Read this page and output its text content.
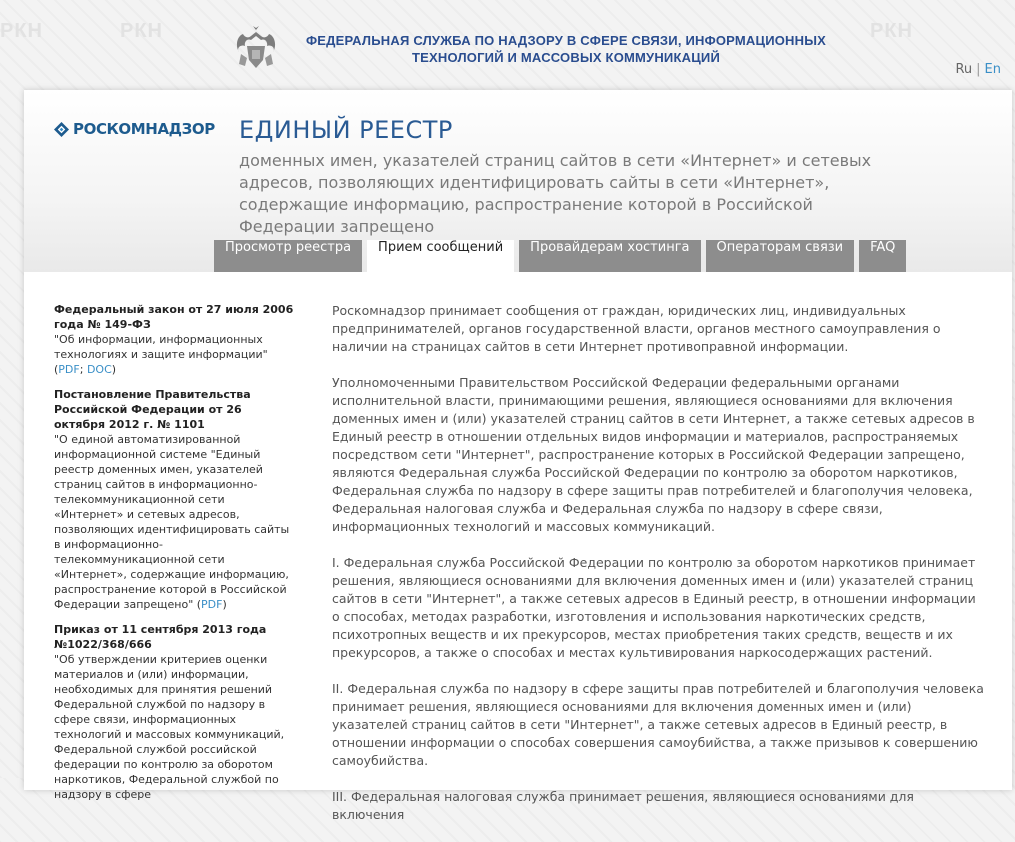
РКН	РКН	РКН
ФЕДЕРАЛЬНАЯ СЛУЖБА ПО НАДЗОРУ В СФЕРЕ СВЯЗИ, ИНФОРМАЦИОННЫХ ТЕХНОЛОГИЙ И МАССОВЫХ КОММУНИКАЦИЙ
Ru | En
РОСКОМНАДЗОР ЕДИНЫЙ РЕЕСТР
доменных имен, указателей страниц сайтов в сети «Интернет» и сетевых адресов, позволяющих идентифицировать сайты в сети «Интернет», содержащие информацию, распространение которой в Российской Федерации запрещено
Просмотр реестра	Прием сообщений	Провайдерам хостинга	Операторам связи	FAQ
Федеральный закон от 27 июля 2006 года № 149-ФЗ
"Об информации, информационных технологиях и защите информации" (PDF; DOC)
Постановление Правительства Российской Федерации от 26 октября 2012 г. № 1101
"О единой автоматизированной информационной системе "Единый реестр доменных имен, указателей страниц сайтов в информационно-телекоммуникационной сети «Интернет» и сетевых адресов, позволяющих идентифицировать сайты в информационно-телекоммуникационной сети «Интернет», содержащие информацию, распространение которой в Российской Федерации запрещено" (PDF)
Приказ от 11 сентября 2013 года №1022/368/666
"Об утверждении критериев оценки материалов и (или) информации, необходимых для принятия решений Федеральной службой по надзору в сфере связи, информационных технологий и массовых коммуникаций, Федеральной службой российской федерации по контролю за оборотом наркотиков, Федеральной службой по надзору в сфере

Роскомнадзор принимает сообщения от граждан, юридических лиц, индивидуальных предпринимателей, органов государственной власти, органов местного самоуправления о наличии на страницах сайтов в сети Интернет противоправной информации.

Уполномоченными Правительством Российской Федерации федеральными органами исполнительной власти, принимающими решения, являющиеся основаниями для включения доменных имен и (или) указателей страниц сайтов в сети Интернет, а также сетевых адресов в Единый реестр в отношении отдельных видов информации и материалов, распространяемых посредством сети "Интернет", распространение которых в Российской Федерации запрещено, являются Федеральная служба Российской Федерации по контролю за оборотом наркотиков, Федеральная служба по надзору в сфере защиты прав потребителей и благополучия человека, Федеральная налоговая служба и Федеральная служба по надзору в сфере связи, информационных технологий и массовых коммуникаций.

I. Федеральная служба Российской Федерации по контролю за оборотом наркотиков принимает решения, являющиеся основаниями для включения доменных имен и (или) указателей страниц сайтов в сети "Интернет", а также сетевых адресов в Единый реестр, в отношении информации о способах, методах разработки, изготовления и использования наркотических средств, психотропных веществ и их прекурсоров, местах приобретения таких средств, веществ и их прекурсоров, а также о способах и местах культивирования наркосодержащих растений.

II. Федеральная служба по надзору в сфере защиты прав потребителей и благополучия человека принимает решения, являющиеся основаниями для включения доменных имен и (или) указателей страниц сайтов в сети "Интернет", а также сетевых адресов в Единый реестр, в отношении информации о способах совершения самоубийства, а также призывов к совершению самоубийства.

III. Федеральная налоговая служба принимает решения, являющиеся основаниями для включения
